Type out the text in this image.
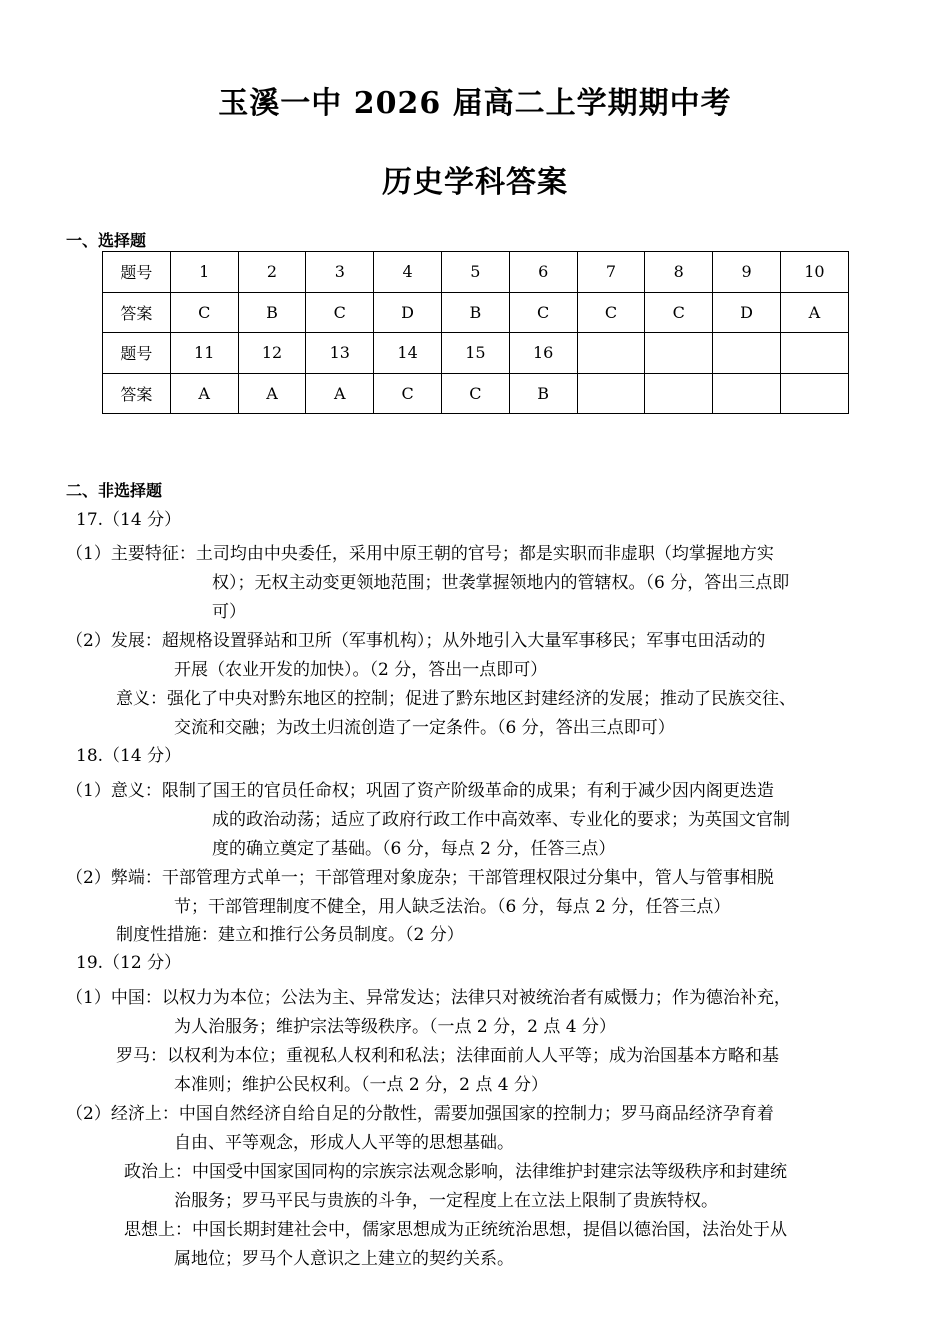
玉溪一中 2026 届高二上学期期中考
历史学科答案
一、选择题
题号	1	2	3	4	5	6	7	8	9	10
答案	C	B	C	D	B	C	C	C	D	A
题号	11	12	13	14	15	16				
答案	A	A	A	C	C	B				
二、非选择题
17.（14 分）
（1）主要特征：土司均由中央委任，采用中原王朝的官号；都是实职而非虚职（均掌握地方实
权）；无权主动变更领地范围；世袭掌握领地内的管辖权。（6 分，答出三点即
可）
（2）发展：超规格设置驿站和卫所（军事机构）；从外地引入大量军事移民；军事屯田活动的
开展（农业开发的加快）。（2 分，答出一点即可）
意义：强化了中央对黔东地区的控制；促进了黔东地区封建经济的发展；推动了民族交往、
交流和交融；为改土归流创造了一定条件。（6 分，答出三点即可）
18.（14 分）
（1）意义：限制了国王的官员任命权；巩固了资产阶级革命的成果；有利于减少因内阁更迭造
成的政治动荡；适应了政府行政工作中高效率、专业化的要求；为英国文官制
度的确立奠定了基础。（6 分，每点 2 分，任答三点）
（2）弊端：干部管理方式单一；干部管理对象庞杂；干部管理权限过分集中，管人与管事相脱
节；干部管理制度不健全，用人缺乏法治。（6 分，每点 2 分，任答三点）
制度性措施：建立和推行公务员制度。（2 分）
19.（12 分）
（1）中国：以权力为本位；公法为主、异常发达；法律只对被统治者有威慑力；作为德治补充，
为人治服务；维护宗法等级秩序。（一点 2 分，2 点 4 分）
罗马：以权利为本位；重视私人权利和私法；法律面前人人平等；成为治国基本方略和基
本准则；维护公民权利。（一点 2 分，2 点 4 分）
（2）经济上：中国自然经济自给自足的分散性，需要加强国家的控制力；罗马商品经济孕育着
自由、平等观念，形成人人平等的思想基础。
政治上：中国受中国家国同构的宗族宗法观念影响，法律维护封建宗法等级秩序和封建统
治服务；罗马平民与贵族的斗争，一定程度上在立法上限制了贵族特权。
思想上：中国长期封建社会中，儒家思想成为正统统治思想，提倡以德治国，法治处于从
属地位；罗马个人意识之上建立的契约关系。
